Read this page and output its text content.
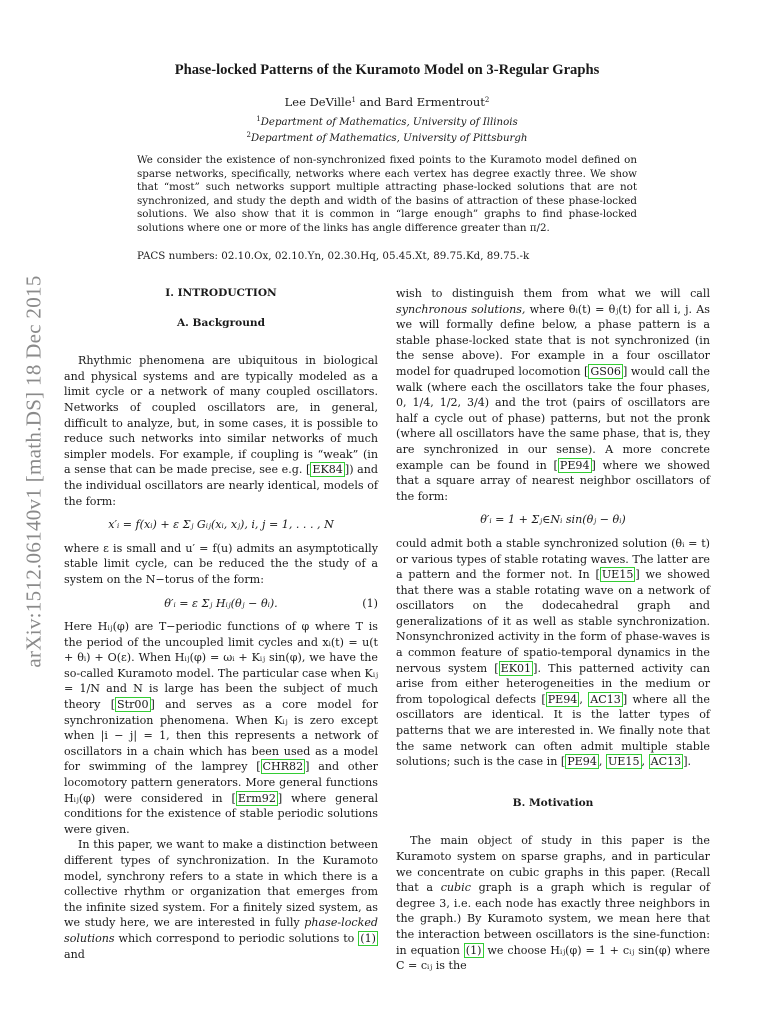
arXiv:1512.06140v1 [math.DS] 18 Dec 2015
Phase-locked Patterns of the Kuramoto Model on 3-Regular Graphs
Lee DeVille$^1$ and Bard Ermentrout$^2$
$^1$Department of Mathematics, University of Illinois
$^2$Department of Mathematics, University of Pittsburgh
We consider the existence of non-synchronized fixed points to the Kuramoto model defined on sparse networks, specifically, networks where each vertex has degree exactly three. We show that “most” such networks support multiple attracting phase-locked solutions that are not synchronized, and study the depth and width of the basins of attraction of these phase-locked solutions. We also show that it is common in “large enough” graphs to find phase-locked solutions where one or more of the links has angle difference greater than π/2.
PACS numbers: 02.10.Ox, 02.10.Yn, 02.30.Hq, 05.45.Xt, 89.75.Kd, 89.75.-k
I. INTRODUCTION
A. Background

Rhythmic phenomena are ubiquitous in biological and physical systems and are typically modeled as a limit cycle or a network of many coupled oscillators. Networks of coupled oscillators are, in general, difficult to analyze, but, in some cases, it is possible to reduce such networks into similar networks of much simpler models. For example, if coupling is “weak” (in a sense that can be made precise, see e.g. [ EK84 ]) and the individual oscillators are nearly identical, models of the form:

x′ᵢ = f(xᵢ) + ε Σⱼ Gᵢⱼ(xᵢ, xⱼ), i, j = 1, . . . , N

where ε is small and u′ = f(u) admits an asymptotically stable limit cycle, can be reduced the the study of a system on the N−torus of the form:

θ′ᵢ = ε Σⱼ Hᵢⱼ(θⱼ − θᵢ).	(1)

Here Hᵢⱼ(φ) are T−periodic functions of φ where T is the period of the uncoupled limit cycles and xᵢ(t) = u(t + θᵢ) + O(ε). When Hᵢⱼ(φ) = ωᵢ + Kᵢⱼ sin(φ), we have the so-called Kuramoto model. The particular case when Kᵢⱼ = 1/N and N is large has been the subject of much theory [ Str00 ] and serves as a core model for synchronization phenomena. When Kᵢⱼ is zero except when |i − j| = 1, then this represents a network of oscillators in a chain which has been used as a model for swimming of the lamprey [ CHR82 ] and other locomotory pattern generators. More general functions Hᵢⱼ(φ) were considered in [ Erm92 ] where general conditions for the existence of stable periodic solutions were given.

In this paper, we want to make a distinction between different types of synchronization. In the Kuramoto model, synchrony refers to a state in which there is a collective rhythm or organization that emerges from the infinite sized system. For a finitely sized system, as we study here, we are interested in fully phase-locked solutions which correspond to periodic solutions to (1) and

wish to distinguish them from what we will call synchronous solutions, where θᵢ(t) = θⱼ(t) for all i, j. As we will formally define below, a phase pattern is a stable phase-locked state that is not synchronized (in the sense above). For example in a four oscillator model for quadruped locomotion [ GS06 ] would call the walk (where each the oscillators take the four phases, 0, 1/4, 1/2, 3/4) and the trot (pairs of oscillators are half a cycle out of phase) patterns, but not the pronk (where all oscillators have the same phase, that is, they are synchronized in our sense). A more concrete example can be found in [ PE94 ] where we showed that a square array of nearest neighbor oscillators of the form:

θ′ᵢ = 1 + Σⱼ∈Nᵢ sin(θⱼ − θᵢ)

could admit both a stable synchronized solution (θᵢ = t) or various types of stable rotating waves. The latter are a pattern and the former not. In [ UE15 ] we showed that there was a stable rotating wave on a network of oscillators on the dodecahedral graph and generalizations of it as well as stable synchronization. Nonsynchronized activity in the form of phase-waves is a common feature of spatio-temporal dynamics in the nervous system [ EK01 ]. This patterned activity can arise from either heterogeneities in the medium or from topological defects [ PE94 , AC13 ] where all the oscillators are identical. It is the latter types of patterns that we are interested in. We finally note that the same network can often admit multiple stable solutions; such is the case in [ PE94 , UE15 , AC13 ].

B. Motivation

The main object of study in this paper is the Kuramoto system on sparse graphs, and in particular we concentrate on cubic graphs in this paper. (Recall that a cubic graph is a graph which is regular of degree 3, i.e. each node has exactly three neighbors in the graph.) By Kuramoto system, we mean here that the interaction between oscillators is the sine-function: in equation (1) we choose Hᵢⱼ(φ) = 1 + cᵢⱼ sin(φ) where C = cᵢⱼ is the
